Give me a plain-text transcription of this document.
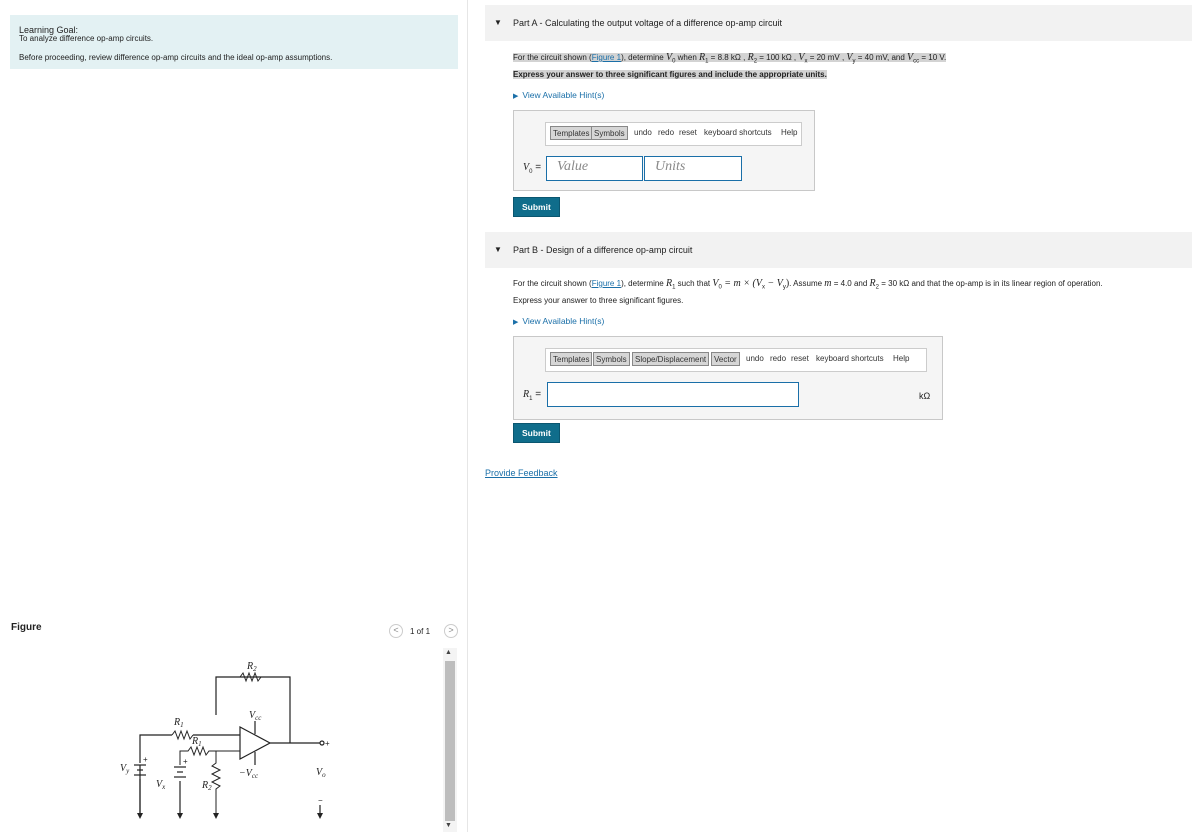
Learning Goal:
To analyze difference op-amp circuits.
Before proceeding, review difference op-amp circuits and the ideal op-amp assumptions.
Figure	<	1 of 1	>
▲
▼
$R_2$
$R_1$
$R_1$
$R_2$
$V_{cc}$
$-V_{cc}$
$V_y$
$V_x$
$V_o$
+
−
+	+
▼ Part A - Calculating the output voltage of a difference op-amp circuit
For the circuit shown (Figure 1), determine $V_0$ when $R_1 = 8.8$ kΩ , $R_2 = 100$ kΩ , $V_x = 20$ mV , $V_y = 40$ mV, and $V_{cc} = 10$ V.
Express your answer to three significant figures and include the appropriate units.
▶ View Available Hint(s)
Templates Symbols	undo redo reset keyboard shortcuts Help
$V_0$ =	Value	Units
Submit
▼ Part B - Design of a difference op-amp circuit
For the circuit shown (Figure 1), determine $R_1$ such that $V_0 = m \times (V_x - V_y)$. Assume m = 4.0 and $R_2 = 30$ kΩ and that the op-amp is in its linear region of operation.
Express your answer to three significant figures.
▶ View Available Hint(s)
Templates Symbols	Slope/Displacement Vector	undo redo reset keyboard shortcuts Help
$R_1$ =	kΩ
Submit
Provide Feedback
